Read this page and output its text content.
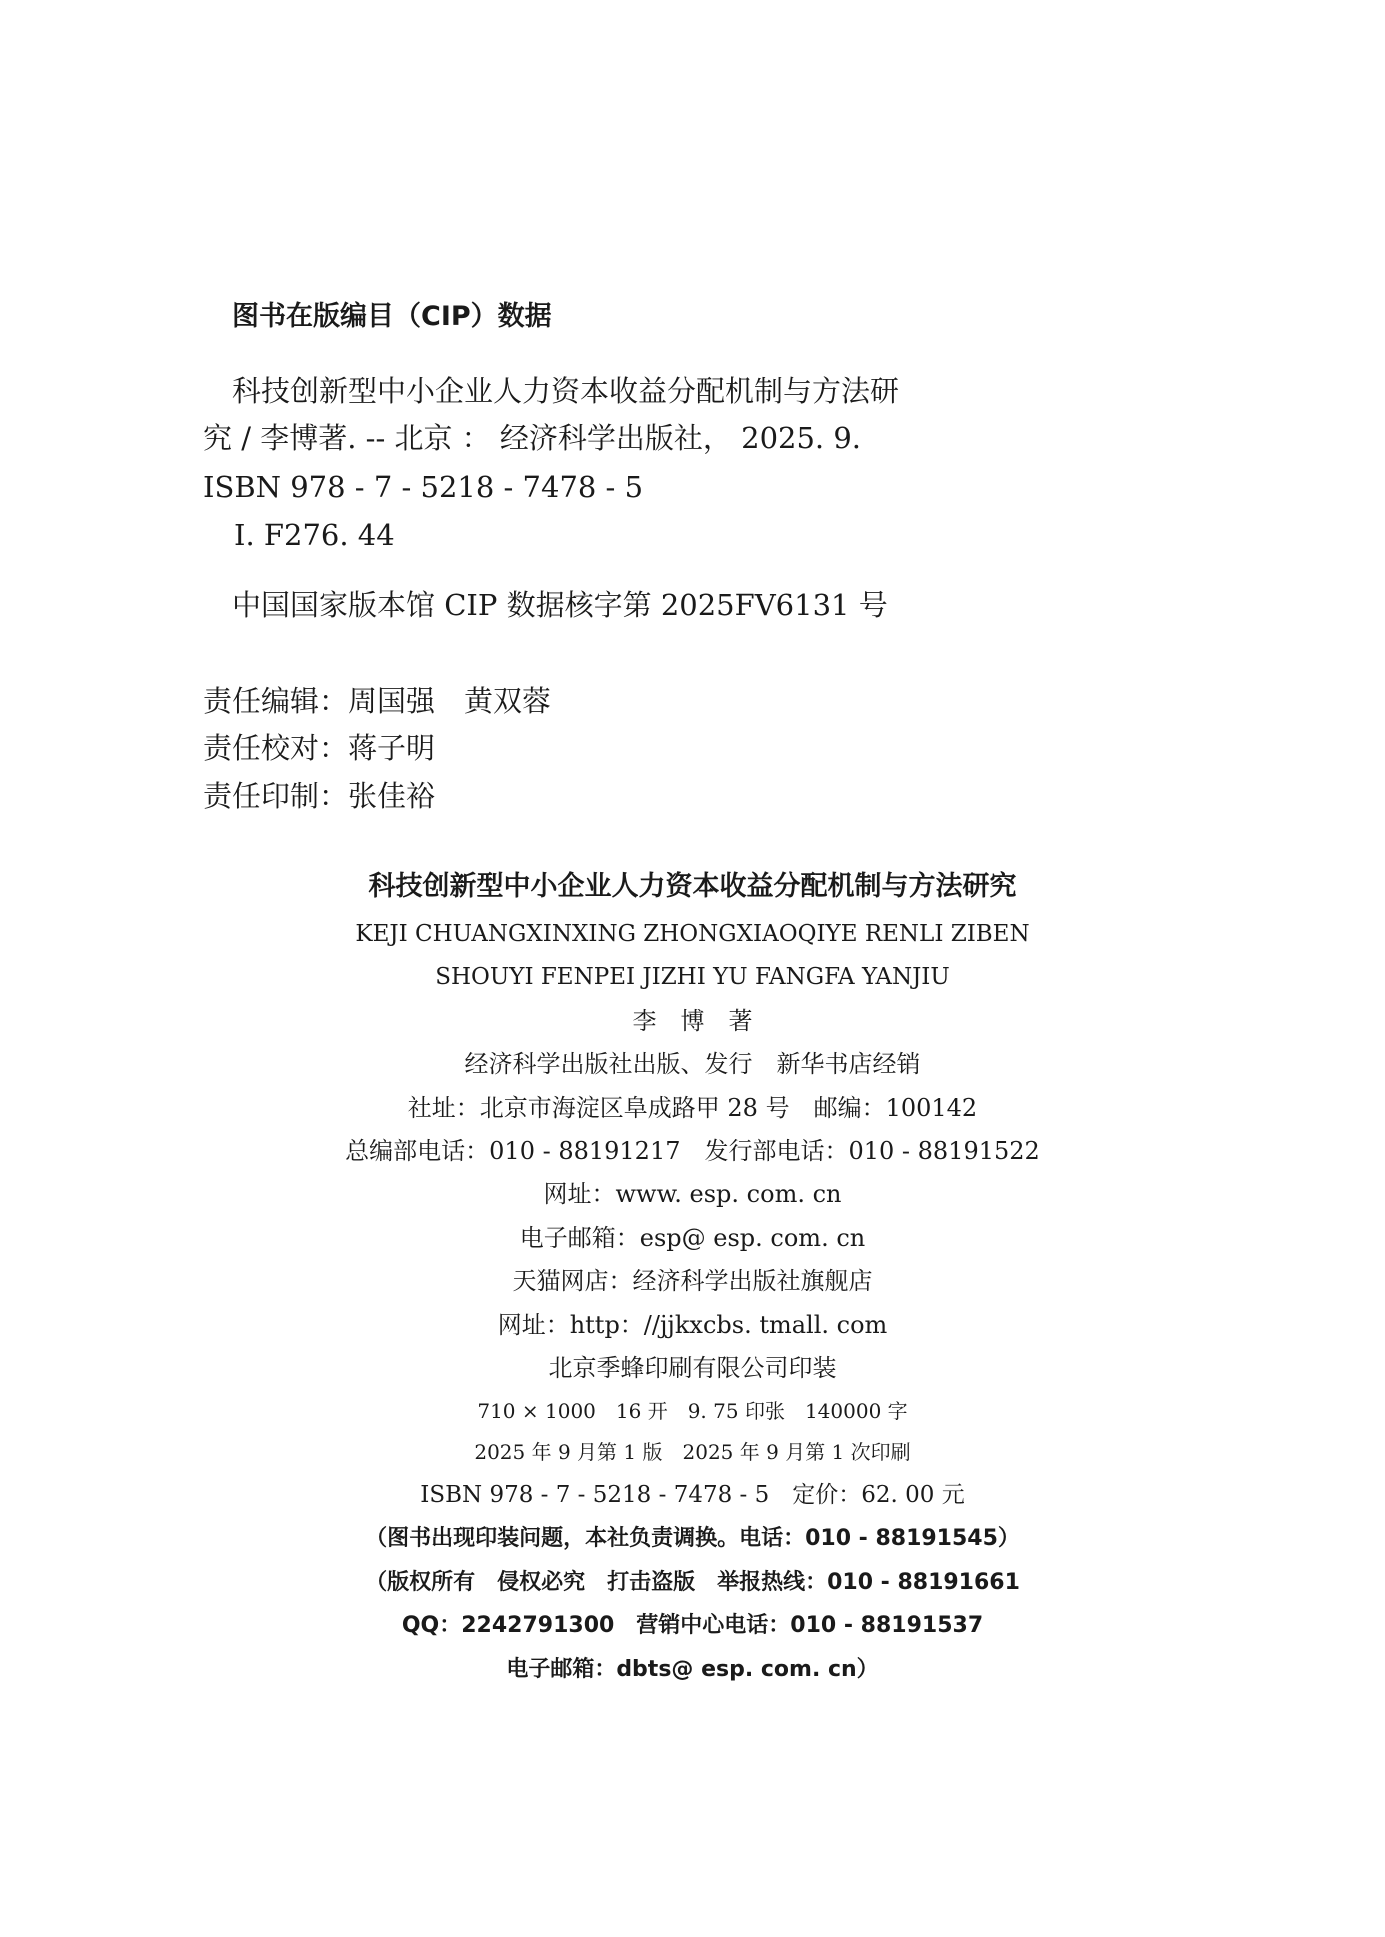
图书在版编目（CIP）数据
科技创新型中小企业人力资本收益分配机制与方法研
究 / 李博著. -- 北京 ： 经济科学出版社， 2025. 9.
ISBN 978 - 7 - 5218 - 7478 - 5
Ⅰ. F276. 44
中国国家版本馆 CIP 数据核字第 2025FV6131 号
责任编辑：周国强　黄双蓉
责任校对：蒋子明
责任印制：张佳裕
科技创新型中小企业人力资本收益分配机制与方法研究
KEJI CHUANGXINXING ZHONGXIAOQIYE RENLI ZIBEN
SHOUYI FENPEI JIZHI YU FANGFA YANJIU
李　博　著
经济科学出版社出版、发行　新华书店经销
社址：北京市海淀区阜成路甲 28 号　邮编：100142
总编部电话：010 - 88191217　发行部电话：010 - 88191522
网址：www. esp. com. cn
电子邮箱：esp@ esp. com. cn
天猫网店：经济科学出版社旗舰店
网址：http：//jjkxcbs. tmall. com
北京季蜂印刷有限公司印装
710 × 1000　16 开　9. 75 印张　140000 字
2025 年 9 月第 1 版　2025 年 9 月第 1 次印刷
ISBN 978 - 7 - 5218 - 7478 - 5　定价：62. 00 元
（图书出现印装问题，本社负责调换。电话：010 - 88191545）
（版权所有　侵权必究　打击盗版　举报热线：010 - 88191661
QQ：2242791300　营销中心电话：010 - 88191537
电子邮箱：dbts@ esp. com. cn）
